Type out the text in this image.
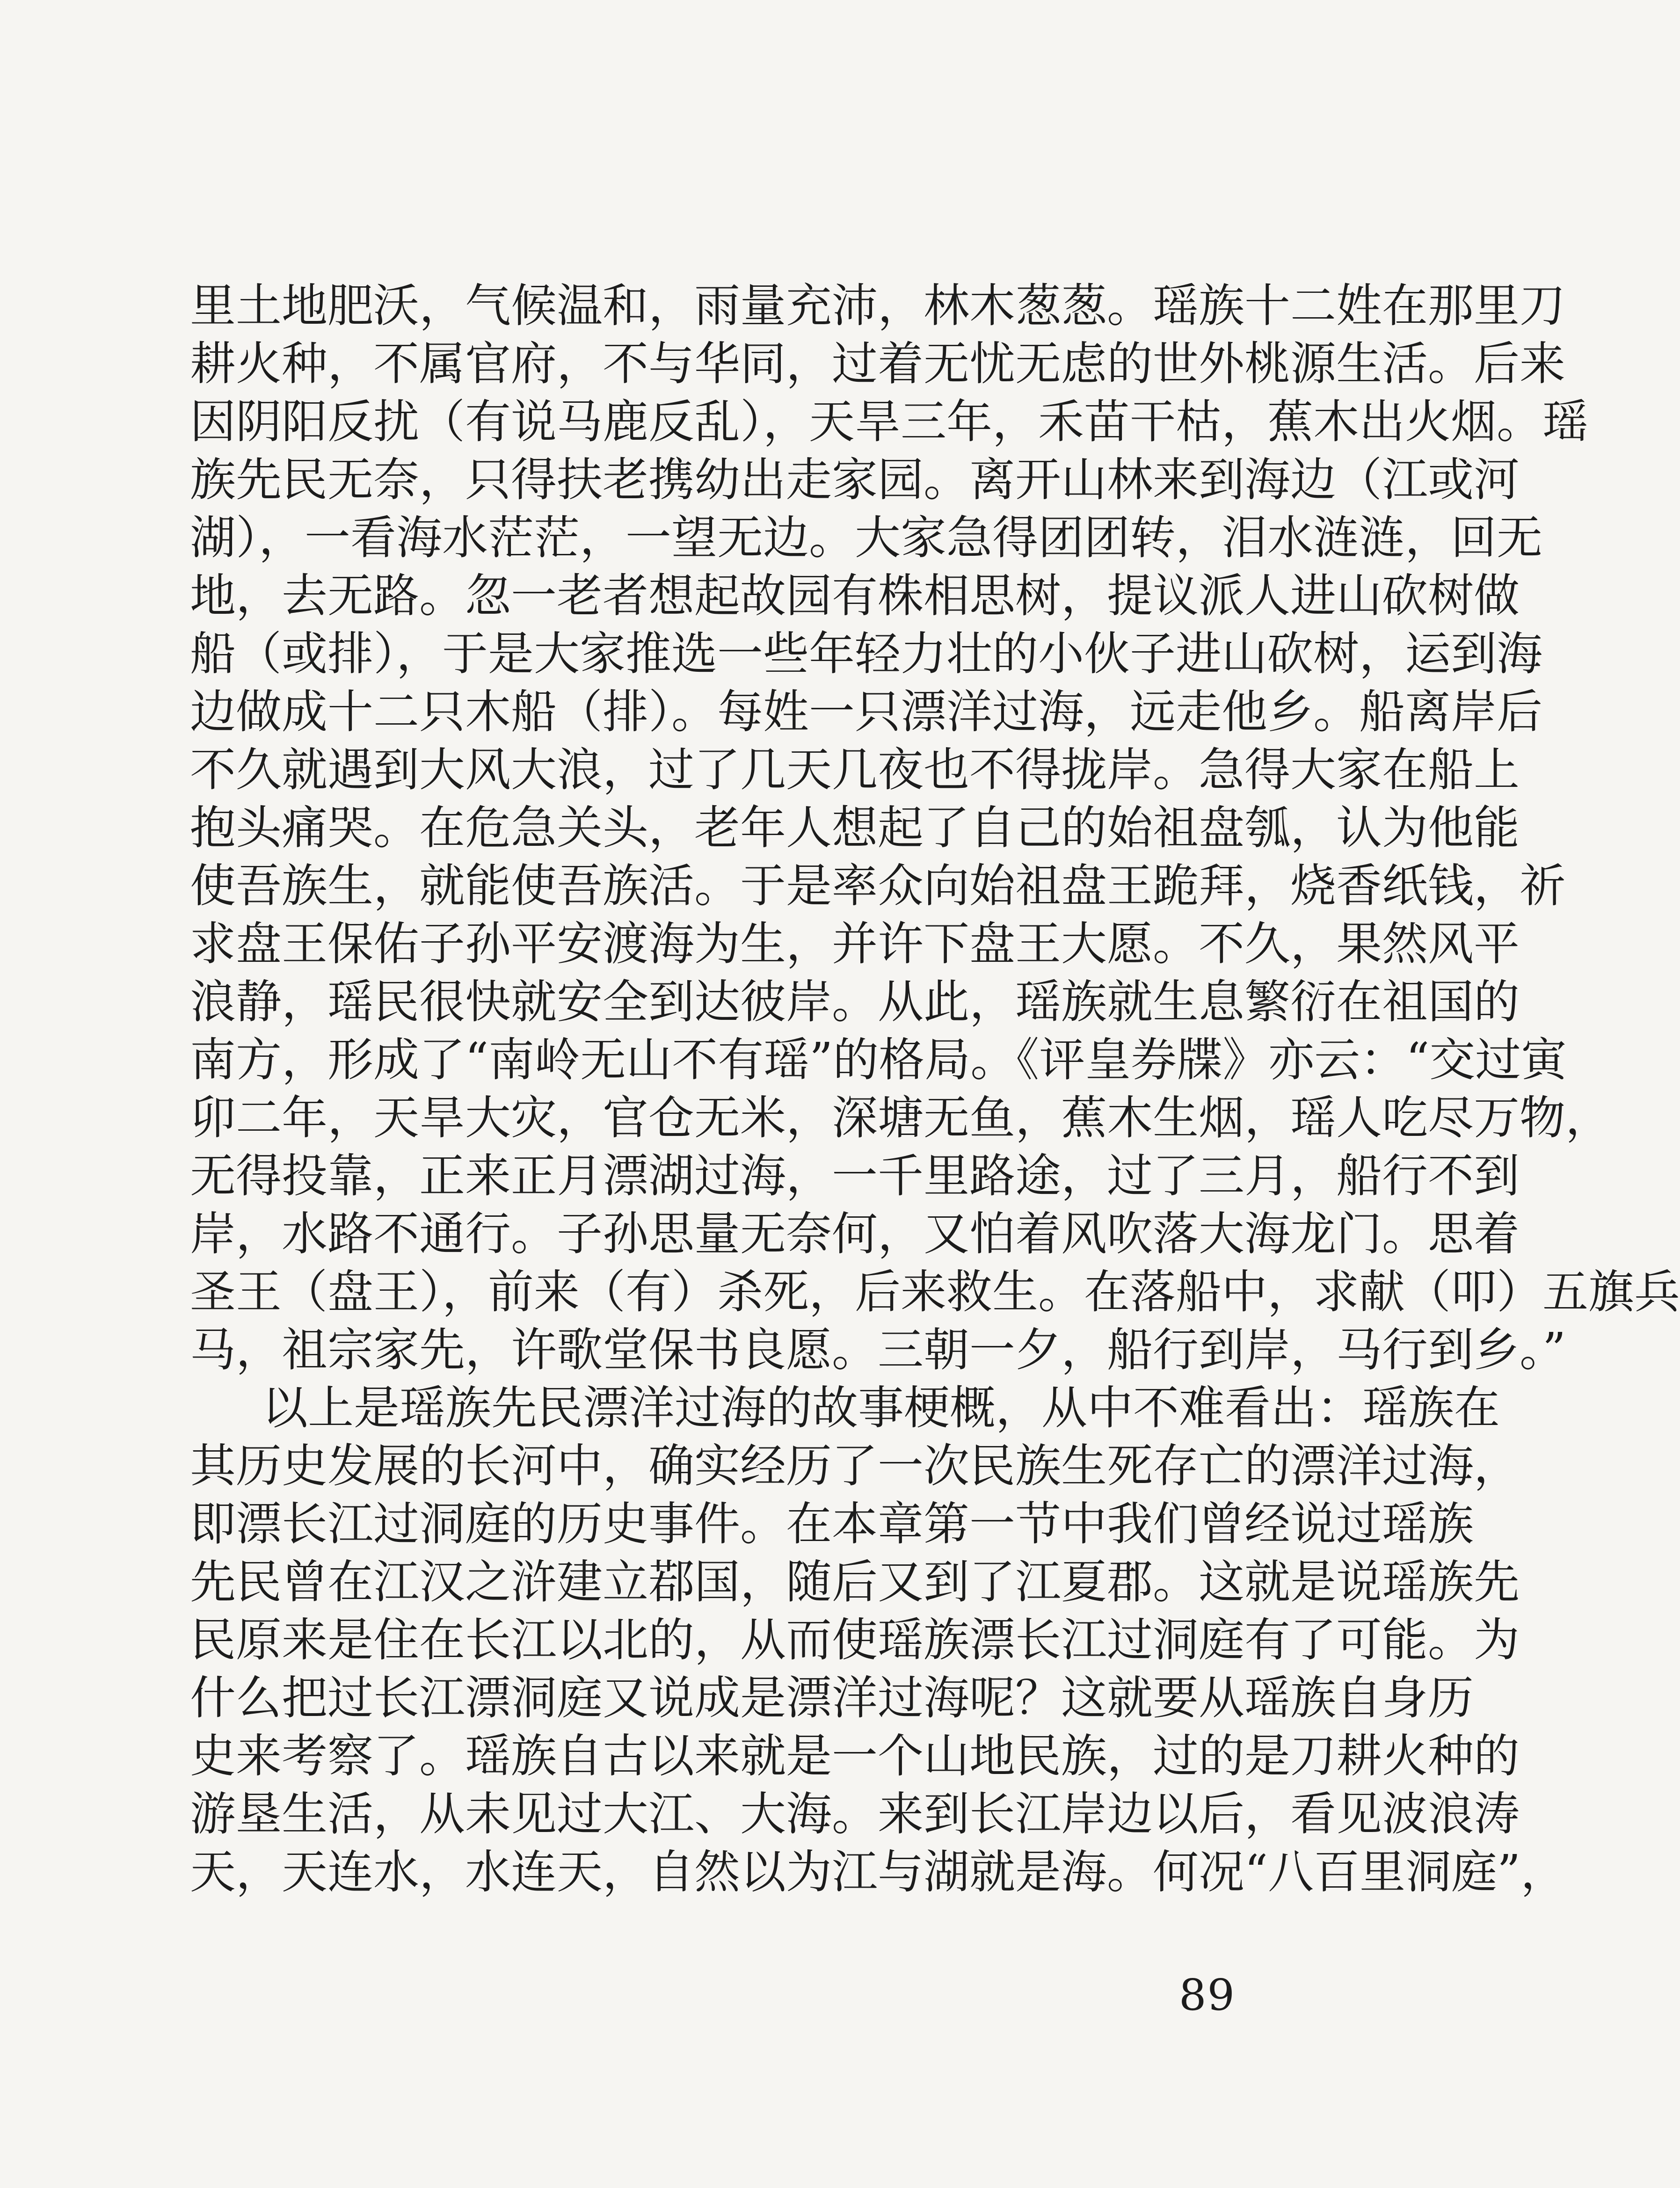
里土地肥沃，气候温和，雨量充沛，林木葱葱。瑶族十二姓在那里刀
耕火种，不属官府，不与华同，过着无忧无虑的世外桃源生活。后来
因阴阳反扰（有说马鹿反乱），天旱三年，禾苗干枯，蕉木出火烟。瑶
族先民无奈，只得扶老携幼出走家园。离开山林来到海边（江或河
湖），一看海水茫茫，一望无边。大家急得团团转，泪水涟涟，回无
地，去无路。忽一老者想起故园有株相思树，提议派人进山砍树做
船（或排），于是大家推选一些年轻力壮的小伙子进山砍树，运到海
边做成十二只木船（排）。每姓一只漂洋过海，远走他乡。船离岸后
不久就遇到大风大浪，过了几天几夜也不得拢岸。急得大家在船上
抱头痛哭。在危急关头，老年人想起了自己的始祖盘瓠，认为他能
使吾族生，就能使吾族活。于是率众向始祖盘王跪拜，烧香纸钱，祈
求盘王保佑子孙平安渡海为生，并许下盘王大愿。不久，果然风平
浪静，瑶民很快就安全到达彼岸。从此，瑶族就生息繁衍在祖国的
南方，形成了“南岭无山不有瑶”的格局。《评皇券牒》亦云：“交过寅
卯二年，天旱大灾，官仓无米，深塘无鱼，蕉木生烟，瑶人吃尽万物，
无得投靠，正来正月漂湖过海，一千里路途，过了三月，船行不到
岸，水路不通行。子孙思量无奈何，又怕着风吹落大海龙门。思着
圣王（盘王），前来（有）杀死，后来救生。在落船中，求献（叩）五旗兵
马，祖宗家先，许歌堂保书良愿。三朝一夕，船行到岸，马行到乡。”
以上是瑶族先民漂洋过海的故事梗概，从中不难看出：瑶族在
其历史发展的长河中，确实经历了一次民族生死存亡的漂洋过海，
即漂长江过洞庭的历史事件。在本章第一节中我们曾经说过瑶族
先民曾在江汉之浒建立鄀国，随后又到了江夏郡。这就是说瑶族先
民原来是住在长江以北的，从而使瑶族漂长江过洞庭有了可能。为
什么把过长江漂洞庭又说成是漂洋过海呢？这就要从瑶族自身历
史来考察了。瑶族自古以来就是一个山地民族，过的是刀耕火种的
游垦生活，从未见过大江、大海。来到长江岸边以后，看见波浪涛
天，天连水，水连天，自然以为江与湖就是海。何况“八百里洞庭”，
89
